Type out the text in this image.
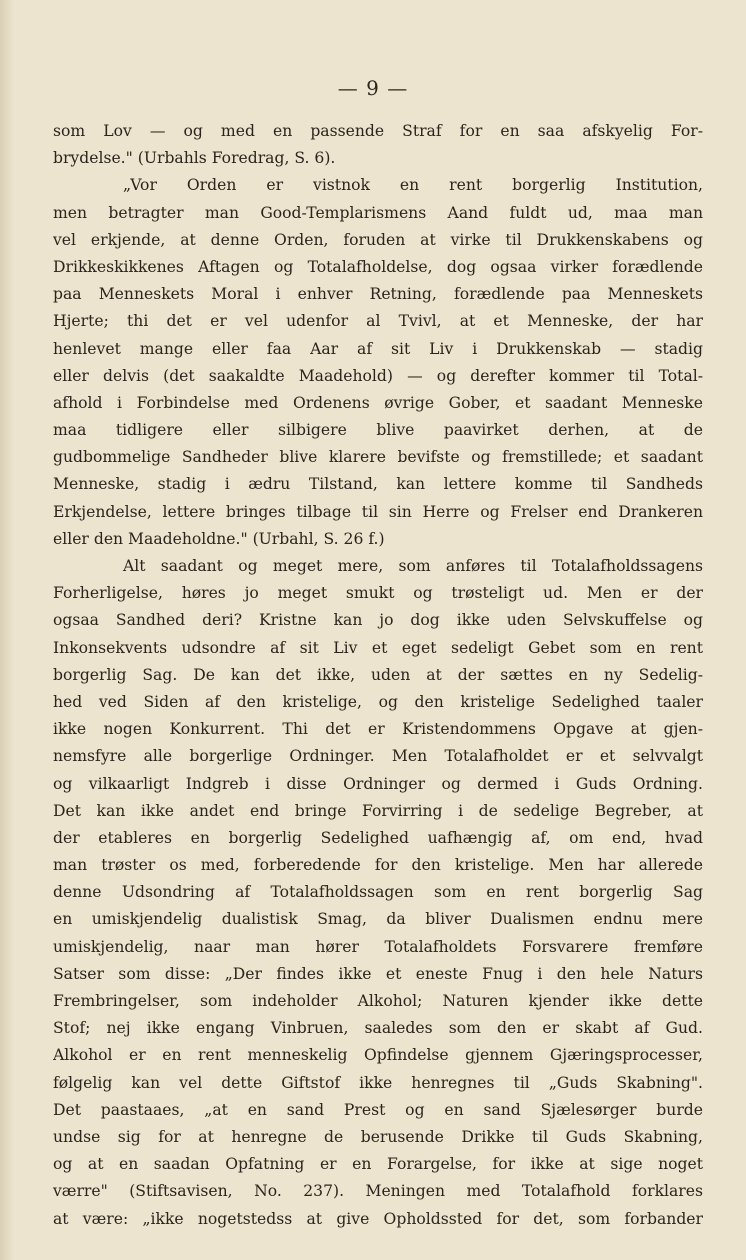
— 9 —
som Lov — og med en passende Straf for en saa afskyelig For-
brydelse." (Urbahls Foredrag, S. 6).
„Vor Orden er vistnok en rent borgerlig Institution,
men betragter man Good-Templarismens Aand fuldt ud, maa man
vel erkjende, at denne Orden, foruden at virke til Drukkenskabens og
Drikkeskikkenes Aftagen og Totalafholdelse, dog ogsaa virker forædlende
paa Menneskets Moral i enhver Retning, forædlende paa Menneskets
Hjerte; thi det er vel udenfor al Tvivl, at et Menneske, der har
henlevet mange eller faa Aar af sit Liv i Drukkenskab — stadig
eller delvis (det saakaldte Maadehold) — og derefter kommer til Total-
afhold i Forbindelse med Ordenens øvrige Gober, et saadant Menneske
maa tidligere eller silbigere blive paavirket derhen, at de
gudbommelige Sandheder blive klarere bevifste og fremstillede; et saadant
Menneske, stadig i ædru Tilstand, kan lettere komme til Sandheds
Erkjendelse, lettere bringes tilbage til sin Herre og Frelser end Drankeren
eller den Maadeholdne." (Urbahl, S. 26 f.)
Alt saadant og meget mere, som anføres til Totalafholdssagens
Forherligelse, høres jo meget smukt og trøsteligt ud. Men er der
ogsaa Sandhed deri? Kristne kan jo dog ikke uden Selvskuffelse og
Inkonsekvents udsondre af sit Liv et eget sedeligt Gebet som en rent
borgerlig Sag. De kan det ikke, uden at der sættes en ny Sedelig-
hed ved Siden af den kristelige, og den kristelige Sedelighed taaler
ikke nogen Konkurrent. Thi det er Kristendommens Opgave at gjen-
nemsfyre alle borgerlige Ordninger. Men Totalafholdet er et selvvalgt
og vilkaarligt Indgreb i disse Ordninger og dermed i Guds Ordning.
Det kan ikke andet end bringe Forvirring i de sedelige Begreber, at
der etableres en borgerlig Sedelighed uafhængig af, om end, hvad
man trøster os med, forberedende for den kristelige. Men har allerede
denne Udsondring af Totalafholdssagen som en rent borgerlig Sag
en umiskjendelig dualistisk Smag, da bliver Dualismen endnu mere
umiskjendelig, naar man hører Totalafholdets Forsvarere fremføre
Satser som disse: „Der findes ikke et eneste Fnug i den hele Naturs
Frembringelser, som indeholder Alkohol; Naturen kjender ikke dette
Stof; nej ikke engang Vinbruen, saaledes som den er skabt af Gud.
Alkohol er en rent menneskelig Opfindelse gjennem Gjæringsprocesser,
følgelig kan vel dette Giftstof ikke henregnes til „Guds Skabning".
Det paastaaes, „at en sand Prest og en sand Sjælesørger burde
undse sig for at henregne de berusende Drikke til Guds Skabning,
og at en saadan Opfatning er en Forargelse, for ikke at sige noget
værre" (Stiftsavisen, No. 237). Meningen med Totalafhold forklares
at være: „ikke nogetstedss at give Opholdssted for det, som forbander
